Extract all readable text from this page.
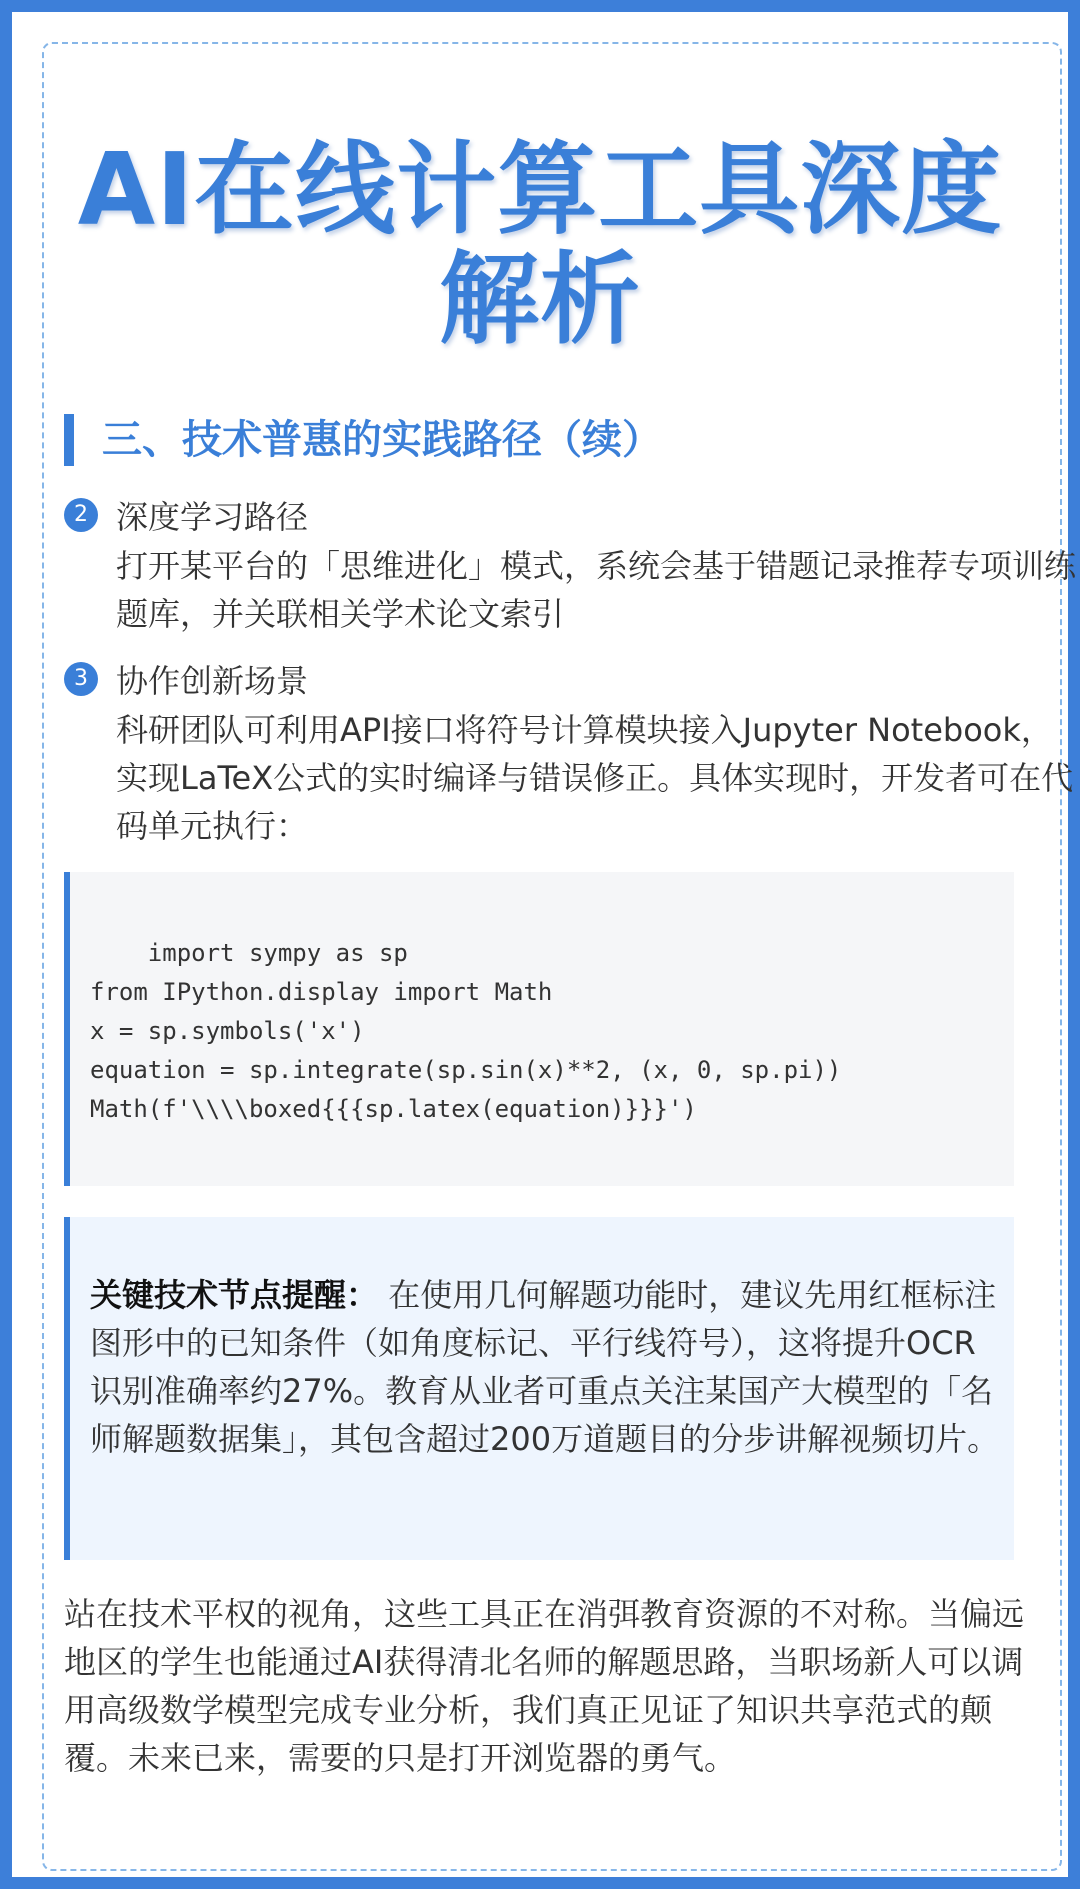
AI在线计算工具深度
解析
三、技术普惠的实践路径（续）
2 深度学习路径
打开某平台的「思维进化」模式，系统会基于错题记录推荐专项训练题库，并关联相关学术论文索引
3 协作创新场景
科研团队可利用API接口将符号计算模块接入Jupyter Notebook，实现LaTeX公式的实时编译与错误修正。具体实现时，开发者可在代码单元执行：
import sympy as sp
from IPython.display import Math
x = sp.symbols('x')
equation = sp.integrate(sp.sin(x)**2, (x, 0, sp.pi))
Math(f'\\\\boxed{{{sp.latex(equation)}}}')
关键技术节点提醒： 在使用几何解题功能时，建议先用红框标注图形中的已知条件（如角度标记、平行线符号），这将提升OCR识别准确率约27%。教育从业者可重点关注某国产大模型的「名师解题数据集」，其包含超过200万道题目的分步讲解视频切片。

站在技术平权的视角，这些工具正在消弭教育资源的不对称。当偏远地区的学生也能通过AI获得清北名师的解题思路，当职场新人可以调用高级数学模型完成专业分析，我们真正见证了知识共享范式的颠覆。未来已来，需要的只是打开浏览器的勇气。
